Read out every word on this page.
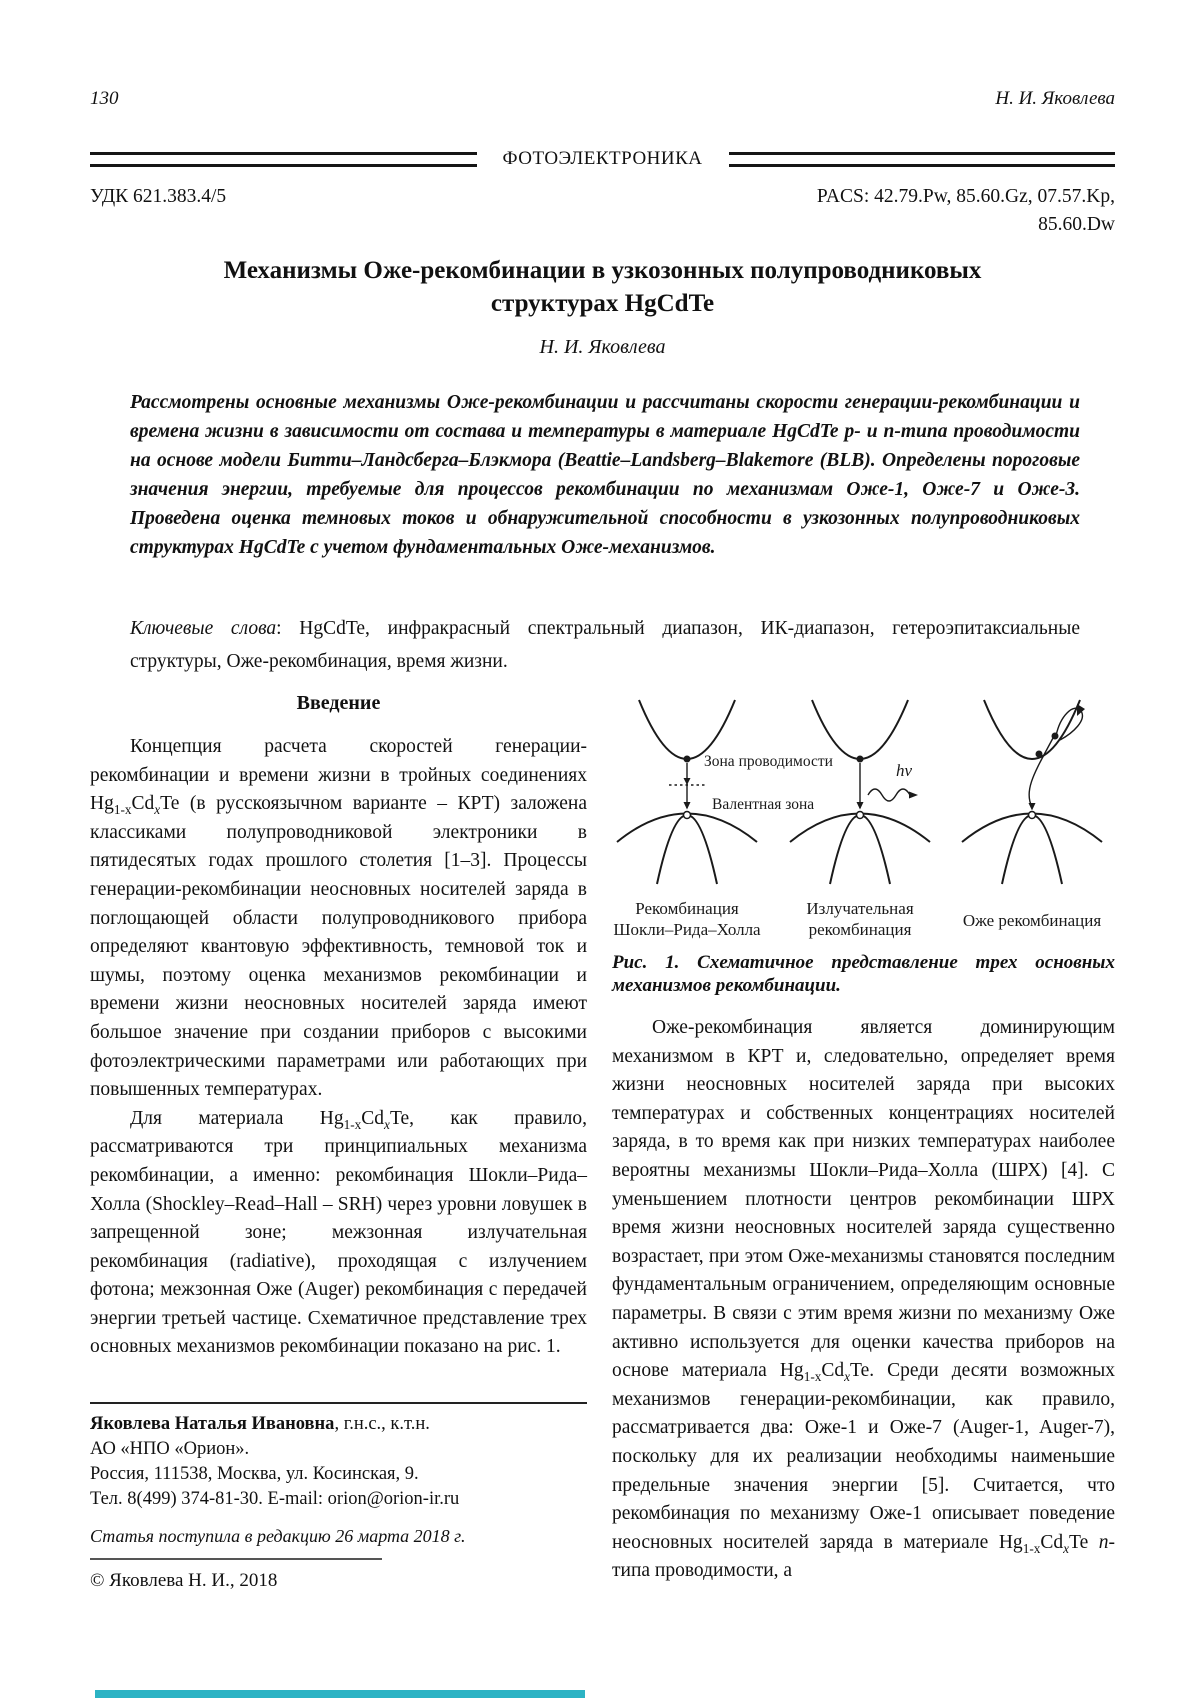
130	Н. И. Яковлева
ФОТОЭЛЕКТРОНИКА
УДК 621.383.4/5	PACS: 42.79.Pw, 85.60.Gz, 07.57.Kp,
85.60.Dw
Механизмы Оже-рекомбинации в узкозонных полупроводниковых
структурах HgCdTe
Н. И. Яковлева
Рассмотрены основные механизмы Оже-рекомбинации и рассчитаны скорости генерации-рекомбинации и времена жизни в зависимости от состава и температуры в материале HgCdTe p- и n-типа проводимости на основе модели Битти–Ландсберга–Блэкмора (Beattie–Landsberg–Blakemore (BLB). Определены пороговые значения энергии, требуемые для процессов рекомбинации по механизмам Оже-1, Оже-7 и Оже-3. Проведена оценка темновых токов и обнаружительной способности в узкозонных полупроводниковых структурах HgCdTe с учетом фундаментальных Оже-механизмов.
Ключевые слова: HgCdTe, инфракрасный спектральный диапазон, ИК-диапазон, гетероэпитаксиальные структуры, Оже-рекомбинация, время жизни.
Введение

Концепция расчета скоростей генерации-рекомбинации и времени жизни в тройных соединениях $Hg_{1-x}Cd_xTe$ (в русскоязычном варианте – КРТ) заложена классиками полупроводниковой электроники в пятидесятых годах прошлого столетия [1–3]. Процессы генерации-рекомбинации неосновных носителей заряда в поглощающей области полупроводникового прибора определяют квантовую эффективность, темновой ток и шумы, поэтому оценка механизмов рекомбинации и времени жизни неосновных носителей заряда имеют большое значение при создании приборов с высокими фотоэлектрическими параметрами или работающих при повышенных температурах.

Для материала $Hg_{1-x}Cd_xTe$, как правило, рассматриваются три принципиальных механизма рекомбинации, а именно: рекомбинация Шокли–Рида–Холла (Shockley–Read–Hall – SRH) через уровни ловушек в запрещенной зоне; межзонная излучательная рекомбинация (radiative), проходящая с излучением фотона; межзонная Оже (Auger) рекомбинация с передачей энергии третьей частице. Схематичное представление трех основных механизмов рекомбинации показано на рис. 1.

Зона проводимости
Валентная зона
hν
Рекомбинация
Шокли–Рида–Холла
Излучательная
рекомбинация	Оже рекомбинация

Рис. 1. Схематичное представление трех основных механизмов рекомбинации.

Оже-рекомбинация является доминирующим механизмом в КРТ и, следовательно, определяет время жизни неосновных носителей заряда при высоких температурах и собственных концентрациях носителей заряда, в то время как при низких температурах наиболее вероятны механизмы Шокли–Рида–Холла (ШРХ) [4]. С уменьшением плотности центров рекомбинации ШРХ время жизни неосновных носителей заряда существенно возрастает, при этом Оже-механизмы становятся последним фундаментальным ограничением, определяющим основные параметры. В связи с этим время жизни по механизму Оже активно используется для оценки качества приборов на основе материала $Hg_{1-x}Cd_xTe$. Среди десяти возможных механизмов генерации-рекомбинации, как правило, рассматривается два: Оже-1 и Оже-7 (Auger-1, Auger-7), поскольку для их реализации необходимы наименьшие предельные значения энергии [5]. Считается, что рекомбинация по механизму Оже-1 описывает поведение неосновных носителей заряда в материале $Hg_{1-x}Cd_xTe$ n-типа проводимости, а

Яковлева Наталья Ивановна, г.н.с., к.т.н.
АО «НПО «Орион».
Россия, 111538, Москва, ул. Косинская, 9.
Тел. 8(499) 374-81-30. E-mail: orion@orion-ir.ru
Статья поступила в редакцию 26 марта 2018 г.
© Яковлева Н. И., 2018
